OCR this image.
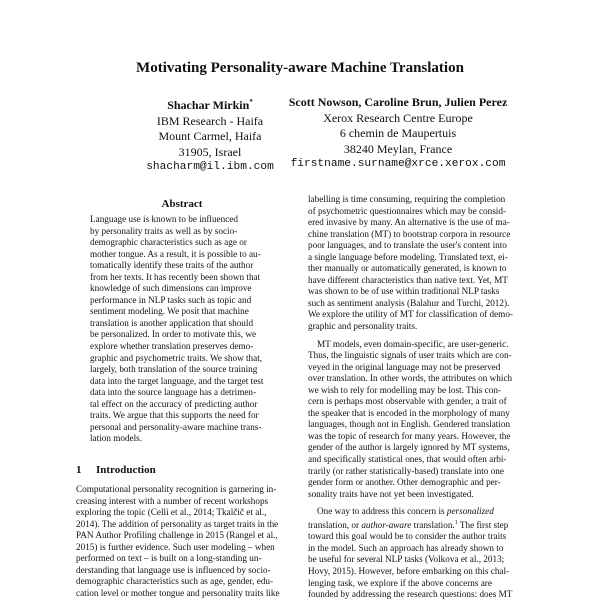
Motivating Personality-aware Machine Translation
Shachar Mirkin*
IBM Research - Haifa
Mount Carmel, Haifa
31905, Israel
shacharm@il.ibm.com
Scott Nowson, Caroline Brun, Julien Perez
Xerox Research Centre Europe
6 chemin de Maupertuis
38240 Meylan, France
firstname.surname@xrce.xerox.com
Abstract
Language use is known to be influenced
by personality traits as well as by socio-
demographic characteristics such as age or
mother tongue. As a result, it is possible to au-
tomatically identify these traits of the author
from her texts. It has recently been shown that
knowledge of such dimensions can improve
performance in NLP tasks such as topic and
sentiment modeling. We posit that machine
translation is another application that should
be personalized. In order to motivate this, we
explore whether translation preserves demo-
graphic and psychometric traits. We show that,
largely, both translation of the source training
data into the target language, and the target test
data into the source language has a detrimen-
tal effect on the accuracy of predicting author
traits. We argue that this supports the need for
personal and personality-aware machine trans-
lation models.
1 Introduction
Computational personality recognition is garnering in-
creasing interest with a number of recent workshops
exploring the topic (Celli et al., 2014; Tkalčič et al.,
2014). The addition of personality as target traits in the
PAN Author Profiling challenge in 2015 (Rangel et al.,
2015) is further evidence. Such user modeling – when
performed on text – is built on a long-standing un-
derstanding that language use is influenced by socio-
demographic characteristics such as age, gender, edu-
cation level or mother tongue and personality traits like
labelling is time consuming, requiring the completion
of psychometric questionnaires which may be consid-
ered invasive by many. An alternative is the use of ma-
chine translation (MT) to bootstrap corpora in resource
poor languages, and to translate the user's content into
a single language before modeling. Translated text, ei-
ther manually or automatically generated, is known to
have different characteristics than native text. Yet, MT
was shown to be of use within traditional NLP tasks
such as sentiment analysis (Balahur and Turchi, 2012).
We explore the utility of MT for classification of demo-
graphic and personality traits.
MT models, even domain-specific, are user-generic.
Thus, the linguistic signals of user traits which are con-
veyed in the original language may not be preserved
over translation. In other words, the attributes on which
we wish to rely for modelling may be lost. This con-
cern is perhaps most observable with gender, a trait of
the speaker that is encoded in the morphology of many
languages, though not in English. Gendered translation
was the topic of research for many years. However, the
gender of the author is largely ignored by MT systems,
and specifically statistical ones, that would often arbi-
trarily (or rather statistically-based) translate into one
gender form or another. Other demographic and per-
sonality traits have not yet been investigated.
One way to address this concern is personalized
translation, or author-aware translation.$^1$ The first step
toward this goal would be to consider the author traits
in the model. Such an approach has already shown to
be useful for several NLP tasks (Volkova et al., 2013;
Hovy, 2015). However, before embarking on this chal-
lenging task, we explore if the above concerns are
founded by addressing the research questions: does MT
